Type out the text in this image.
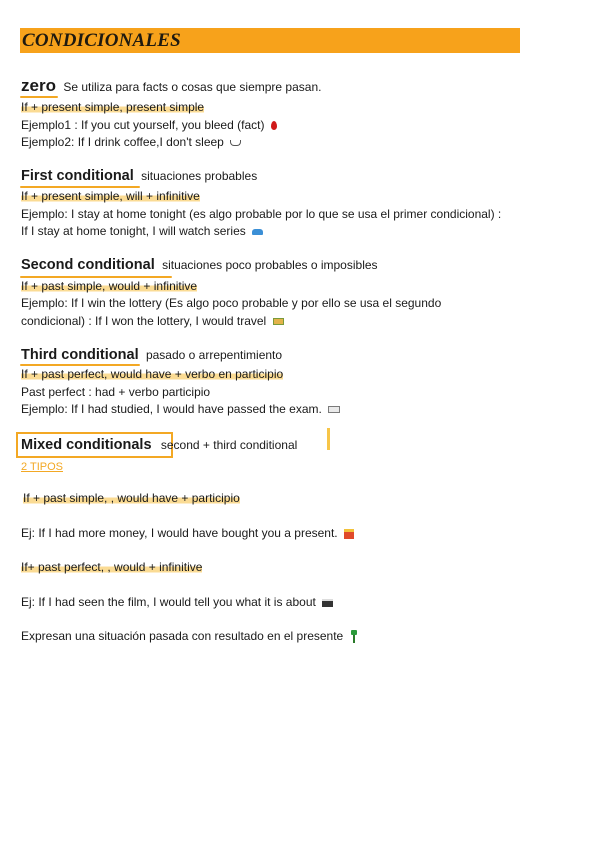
CONDICIONALES
zero Se utiliza para facts o cosas que siempre pasan.
If + present simple, present simple
Ejemplo1 : If you cut yourself, you bleed (fact)
Ejemplo2: If I drink coffee,I don't sleep
First conditional situaciones probables
If + present simple, will + infinitive
Ejemplo: I stay at home tonight (es algo probable por lo que se usa el primer condicional) :
If I stay at home tonight, I will watch series
Second conditional situaciones poco probables o imposibles
If + past simple, would + infinitive
Ejemplo: If I win the lottery (Es algo poco probable y por ello se usa el segundo
condicional) : If I won the lottery, I would travel
Third conditional pasado o arrepentimiento
If + past perfect, would have + verbo en participio
Past perfect : had + verbo participio
Ejemplo: If I had studied, I would have passed the exam.
Mixed conditionals second + third conditional
2 TIPOS
If + past simple, , would have + participio
Ej: If I had more money, I would have bought you a present.
If+ past perfect, , would + infinitive
Ej: If I had seen the film, I would tell you what it is about
Expresan una situación pasada con resultado en el presente
